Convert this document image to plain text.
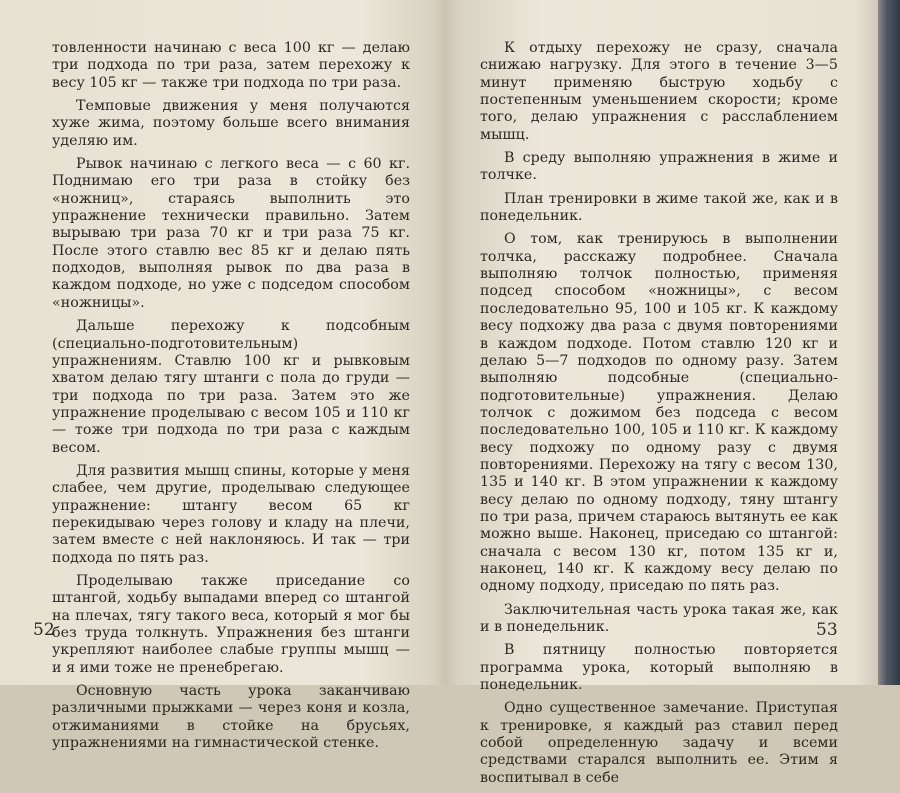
товленности начинаю с веса 100 кг — делаю три подхода по три раза, затем перехожу к весу 105 кг — также три подхода по три раза.

Темповые движения у меня получаются хуже жима, поэтому больше всего внимания уделяю им.

Рывок начинаю с легкого веса — с 60 кг. Поднимаю его три раза в стойку без «ножниц», стараясь выполнить это упражнение технически правильно. Затем вырываю три раза 70 кг и три раза 75 кг. После этого ставлю вес 85 кг и делаю пять подходов, выполняя рывок по два раза в каждом подходе, но уже с подседом способом «ножницы».

Дальше перехожу к подсобным (специально-подготовительным) упражнениям. Ставлю 100 кг и рывковым хватом делаю тягу штанги с пола до груди — три подхода по три раза. Затем это же упражнение проделываю с весом 105 и 110 кг — тоже три подхода по три раза с каждым весом.

Для развития мышц спины, которые у меня слабее, чем другие, проделываю следующее упражнение: штангу весом 65 кг перекидываю через голову и кладу на плечи, затем вместе с ней наклоняюсь. И так — три подхода по пять раз.

Проделываю также приседание со штангой, ходьбу выпадами вперед со штангой на плечах, тягу такого веса, который я мог бы без труда толкнуть. Упражнения без штанги укрепляют наиболее слабые группы мышц — и я ими тоже не пренебрегаю.

Основную часть урока заканчиваю различными прыжками — через коня и козла, отжиманиями в стойке на брусьях, упражнениями на гимнастической стенке.

52

К отдыху перехожу не сразу, сначала снижаю нагрузку. Для этого в течение 3—5 минут применяю быструю ходьбу с постепенным уменьшением скорости; кроме того, делаю упражнения с расслаблением мышц.

В среду выполняю упражнения в жиме и толчке.

План тренировки в жиме такой же, как и в понедельник.

О том, как тренируюсь в выполнении толчка, расскажу подробнее. Сначала выполняю толчок полностью, применяя подсед способом «ножницы», с весом последовательно 95, 100 и 105 кг. К каждому весу подхожу два раза с двумя повторениями в каждом подходе. Потом ставлю 120 кг и делаю 5—7 подходов по одному разу. Затем выполняю подсобные (специально-подготовительные) упражнения. Делаю толчок с дожимом без подседа с весом последовательно 100, 105 и 110 кг. К каждому весу подхожу по одному разу с двумя повторениями. Перехожу на тягу с весом 130, 135 и 140 кг. В этом упражнении к каждому весу делаю по одному подходу, тяну штангу по три раза, причем стараюсь вытянуть ее как можно выше. Наконец, приседаю со штангой: сначала с весом 130 кг, потом 135 кг и, наконец, 140 кг. К каждому весу делаю по одному подходу, приседаю по пять раз.

Заключительная часть урока такая же, как и в понедельник.

В пятницу полностью повторяется программа урока, который выполняю в понедельник.

Одно существенное замечание. Приступая к тренировке, я каждый раз ставил перед собой определенную задачу и всеми средствами старался выполнить ее. Этим я воспитывал в себе

53
